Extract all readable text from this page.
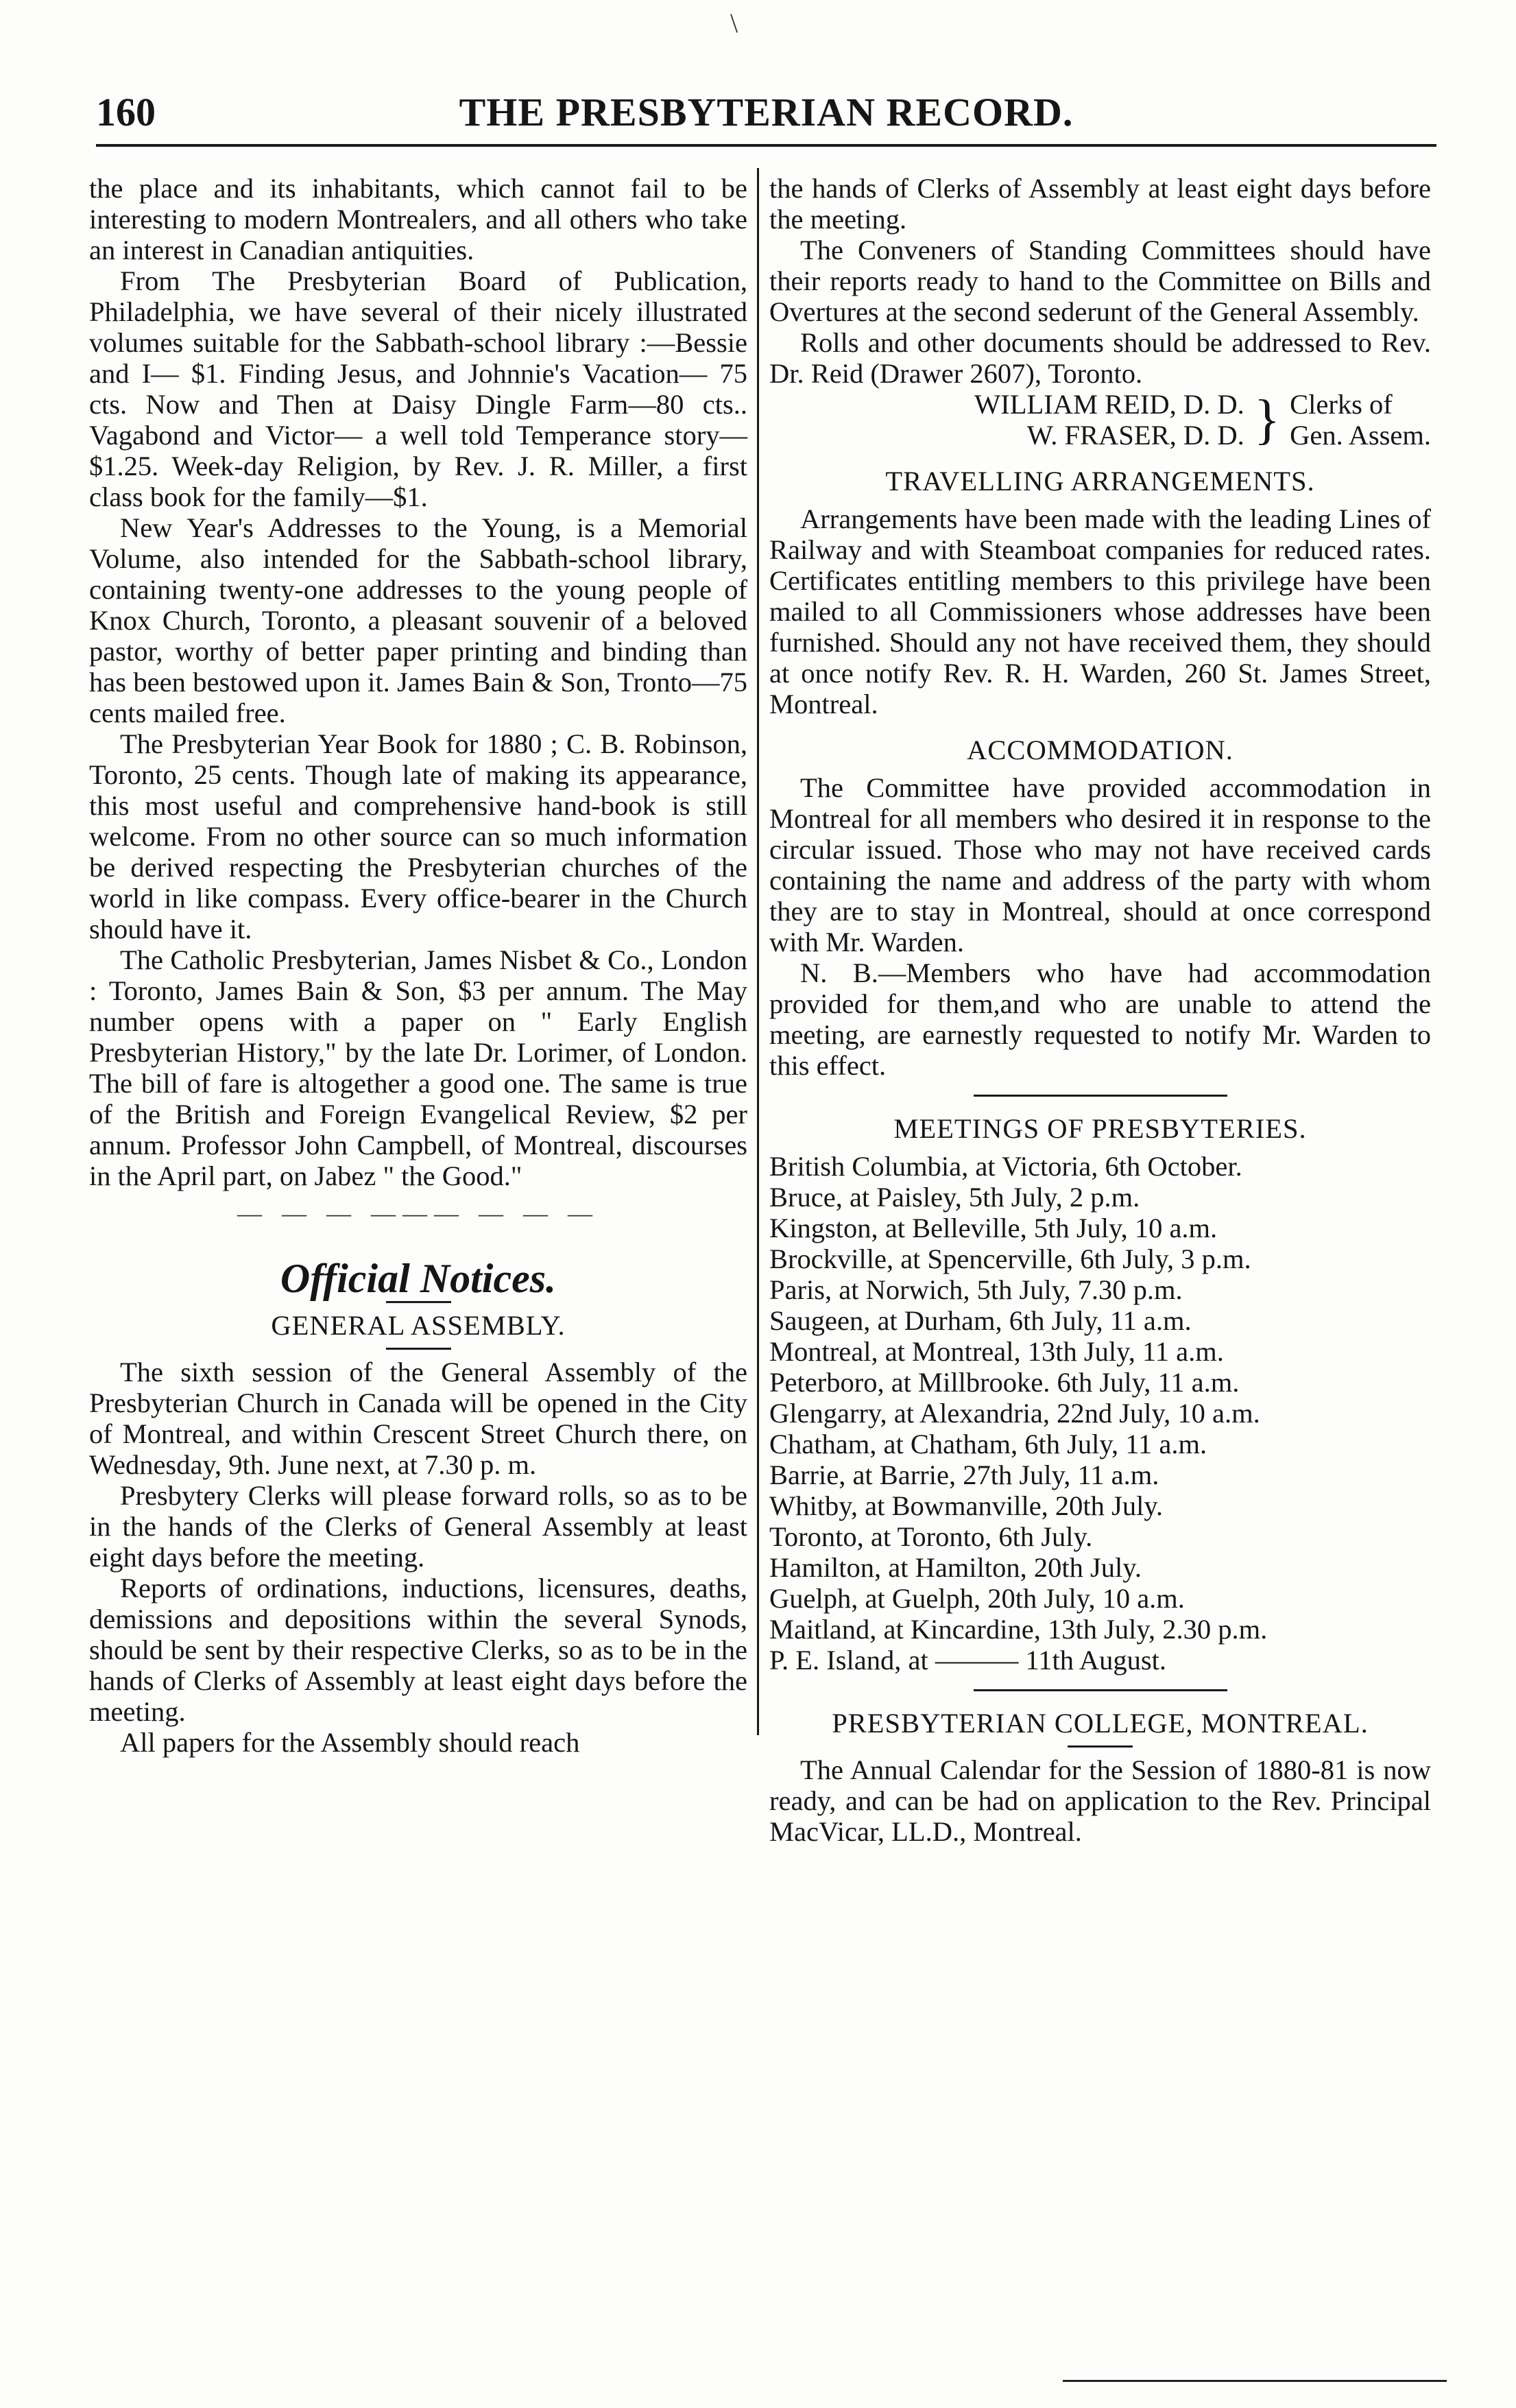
\
160	THE PRESBYTERIAN RECORD.

the place and its inhabitants, which cannot fail to be interesting to modern Montrealers, and all others who take an interest in Canadian antiquities.

From The Presbyterian Board of Publication, Philadelphia, we have several of their nicely illustrated volumes suitable for the Sabbath-school library :—Bessie and I— $1. Finding Jesus, and Johnnie's Vacation— 75 cts. Now and Then at Daisy Dingle Farm—80 cts.. Vagabond and Victor— a well told Temperance story—$1.25. Week-day Religion, by Rev. J. R. Miller, a first class book for the family—$1.

New Year's Addresses to the Young, is a Memorial Volume, also intended for the Sabbath-school library, containing twenty-one addresses to the young people of Knox Church, Toronto, a pleasant souvenir of a beloved pastor, worthy of better paper printing and binding than has been bestowed upon it. James Bain & Son, Tronto—75 cents mailed free.

The Presbyterian Year Book for 1880 ; C. B. Robinson, Toronto, 25 cents. Though late of making its appearance, this most useful and comprehensive hand-book is still welcome. From no other source can so much information be derived respecting the Presbyterian churches of the world in like compass. Every office-bearer in the Church should have it.

The Catholic Presbyterian, James Nisbet & Co., London : Toronto, James Bain & Son, $3 per annum. The May number opens with a paper on " Early English Presbyterian History," by the late Dr. Lorimer, of London. The bill of fare is altogether a good one. The same is true of the British and Foreign Evangelical Review, $2 per annum. Professor John Campbell, of Montreal, discourses in the April part, on Jabez " the Good."

— — — ——— — — —
Official Notices.
GENERAL ASSEMBLY.

The sixth session of the General Assembly of the Presbyterian Church in Canada will be opened in the City of Montreal, and within Crescent Street Church there, on Wednesday, 9th. June next, at 7.30 p. m.

Presbytery Clerks will please forward rolls, so as to be in the hands of the Clerks of General Assembly at least eight days before the meeting.

Reports of ordinations, inductions, licensures, deaths, demissions and depositions within the several Synods, should be sent by their respective Clerks, so as to be in the hands of Clerks of Assembly at least eight days before the meeting.

All papers for the Assembly should reach

the hands of Clerks of Assembly at least eight days before the meeting.

The Conveners of Standing Committees should have their reports ready to hand to the Committee on Bills and Overtures at the second sederunt of the General Assembly.

Rolls and other documents should be addressed to Rev. Dr. Reid (Drawer 2607), Toronto.

WILLIAM REID, D. D.

W. FRASER, D. D. } Clerks of

Gen. Assem.

TRAVELLING ARRANGEMENTS.

Arrangements have been made with the leading Lines of Railway and with Steamboat companies for reduced rates. Certificates entitling members to this privilege have been mailed to all Commissioners whose addresses have been furnished. Should any not have received them, they should at once notify Rev. R. H. Warden, 260 St. James Street, Montreal.

ACCOMMODATION.

The Committee have provided accommodation in Montreal for all members who desired it in response to the circular issued. Those who may not have received cards containing the name and address of the party with whom they are to stay in Montreal, should at once correspond with Mr. Warden.

N. B.—Members who have had accommodation provided for them,and who are unable to attend the meeting, are earnestly requested to notify Mr. Warden to this effect.

MEETINGS OF PRESBYTERIES.

British Columbia, at Victoria, 6th October.

Bruce, at Paisley, 5th July, 2 p.m.

Kingston, at Belleville, 5th July, 10 a.m.

Brockville, at Spencerville, 6th July, 3 p.m.

Paris, at Norwich, 5th July, 7.30 p.m.

Saugeen, at Durham, 6th July, 11 a.m.

Montreal, at Montreal, 13th July, 11 a.m.

Peterboro, at Millbrooke. 6th July, 11 a.m.

Glengarry, at Alexandria, 22nd July, 10 a.m.

Chatham, at Chatham, 6th July, 11 a.m.

Barrie, at Barrie, 27th July, 11 a.m.

Whitby, at Bowmanville, 20th July.

Toronto, at Toronto, 6th July.

Hamilton, at Hamilton, 20th July.

Guelph, at Guelph, 20th July, 10 a.m.

Maitland, at Kincardine, 13th July, 2.30 p.m.

P. E. Island, at ——— 11th August.

PRESBYTERIAN COLLEGE, MONTREAL.

The Annual Calendar for the Session of 1880-81 is now ready, and can be had on application to the Rev. Principal MacVicar, LL.D., Montreal.
